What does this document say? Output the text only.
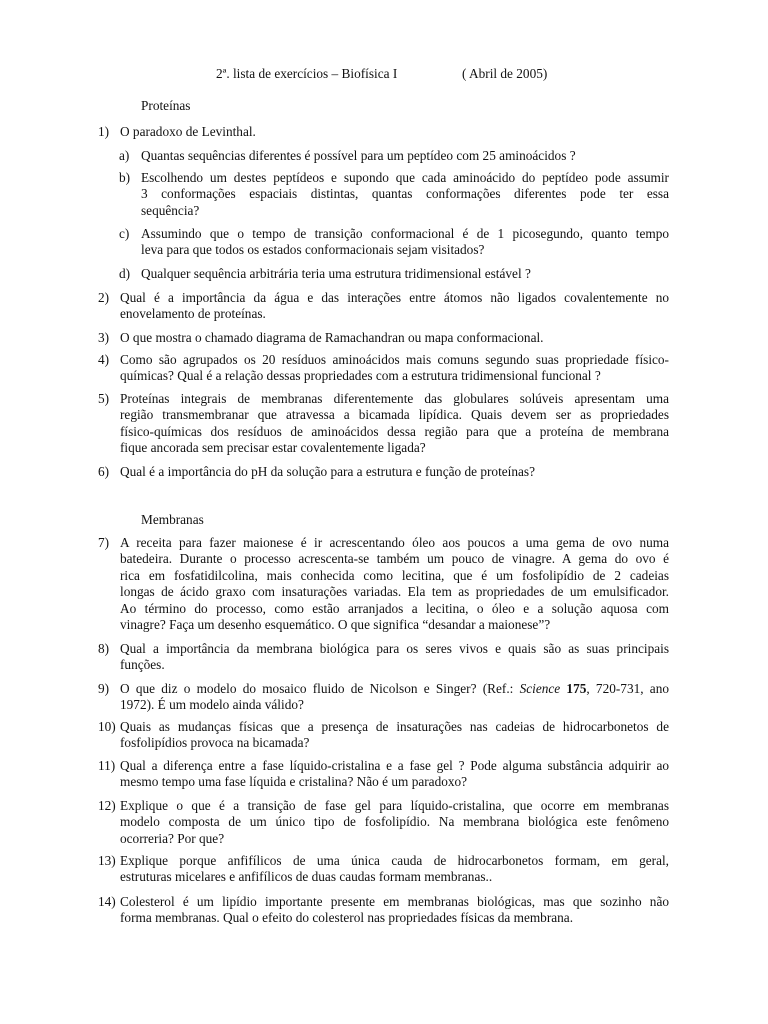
2ª. lista de exercícios – Biofísica I	( Abril de 2005)
Proteínas
1) O paradoxo de Levinthal.
a) Quantas sequências diferentes é possível para um peptídeo com 25 aminoácidos ?
b) Escolhendo um destes peptídeos e supondo que cada aminoácido do peptídeo pode assumir
3 conformações espaciais distintas, quantas conformações diferentes pode ter essa
sequência?
c) Assumindo que o tempo de transição conformacional é de 1 picosegundo, quanto tempo
leva para que todos os estados conformacionais sejam visitados?
d) Qualquer sequência arbitrária teria uma estrutura tridimensional estável ?
2) Qual é a importância da água e das interações entre átomos não ligados covalentemente no
enovelamento de proteínas.
3) O que mostra o chamado diagrama de Ramachandran ou mapa conformacional.
4) Como são agrupados os 20 resíduos aminoácidos mais comuns segundo suas propriedade físico-
químicas? Qual é a relação dessas propriedades com a estrutura tridimensional funcional ?
5) Proteínas integrais de membranas diferentemente das globulares solúveis apresentam uma
região transmembranar que atravessa a bicamada lipídica. Quais devem ser as propriedades
físico-químicas dos resíduos de aminoácidos dessa região para que a proteína de membrana
fique ancorada sem precisar estar covalentemente ligada?
6) Qual é a importância do pH da solução para a estrutura e função de proteínas?
Membranas
7) A receita para fazer maionese é ir acrescentando óleo aos poucos a uma gema de ovo numa
batedeira. Durante o processo acrescenta-se também um pouco de vinagre. A gema do ovo é
rica em fosfatidilcolina, mais conhecida como lecitina, que é um fosfolipídio de 2 cadeias
longas de ácido graxo com insaturações variadas. Ela tem as propriedades de um emulsificador.
Ao término do processo, como estão arranjados a lecitina, o óleo e a solução aquosa com
vinagre? Faça um desenho esquemático. O que significa “desandar a maionese”?
8) Qual a importância da membrana biológica para os seres vivos e quais são as suas principais
funções.
9) O que diz o modelo do mosaico fluido de Nicolson e Singer? (Ref.: Science 175, 720-731, ano
1972). É um modelo ainda válido?
10) Quais as mudanças físicas que a presença de insaturações nas cadeias de hidrocarbonetos de
fosfolipídios provoca na bicamada?
11) Qual a diferença entre a fase líquido-cristalina e a fase gel ? Pode alguma substância adquirir ao
mesmo tempo uma fase líquida e cristalina? Não é um paradoxo?
12) Explique o que é a transição de fase gel para líquido-cristalina, que ocorre em membranas
modelo composta de um único tipo de fosfolipídio. Na membrana biológica este fenômeno
ocorreria? Por que?
13) Explique porque anfifílicos de uma única cauda de hidrocarbonetos formam, em geral,
estruturas micelares e anfifílicos de duas caudas formam membranas..
14) Colesterol é um lipídio importante presente em membranas biológicas, mas que sozinho não
forma membranas. Qual o efeito do colesterol nas propriedades físicas da membrana.
